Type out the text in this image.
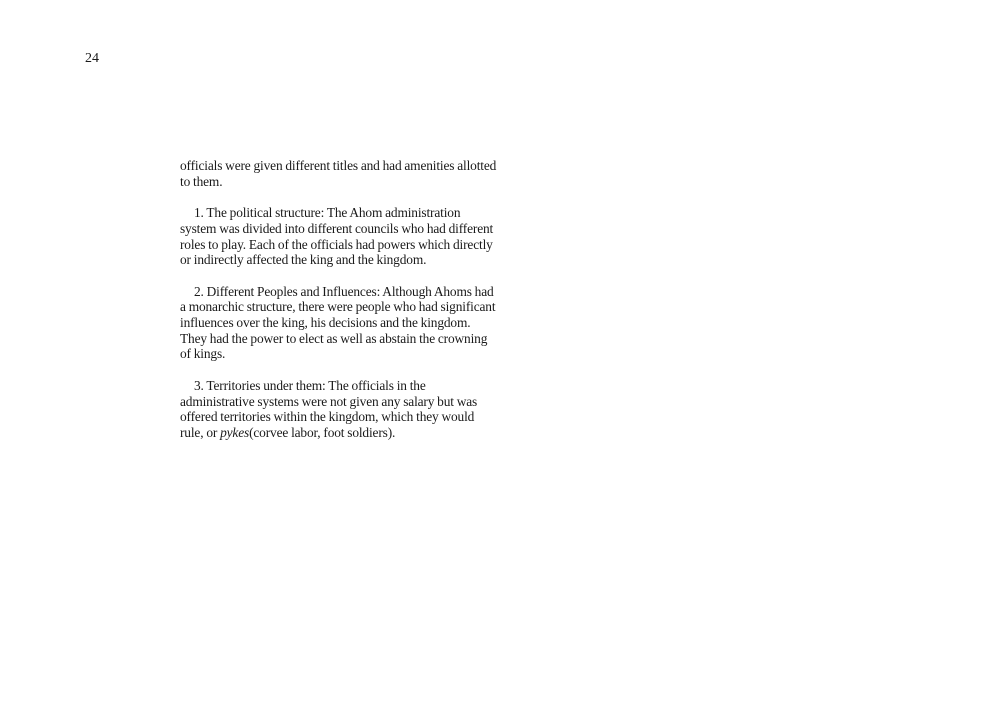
24

officials were given different titles and had amenities allotted to them.

1. The political structure: The Ahom administration system was divided into different councils who had different roles to play. Each of the officials had powers which directly or indirectly affected the king and the kingdom.

2. Different Peoples and Influences: Although Ahoms had a monarchic structure, there were people who had significant influences over the king, his decisions and the kingdom. They had the power to elect as well as abstain the crowning of kings.

3. Territories under them: The officials in the administrative systems were not given any salary but was offered territories within the kingdom, which they would rule, or pykes(corvee labor, foot soldiers).
